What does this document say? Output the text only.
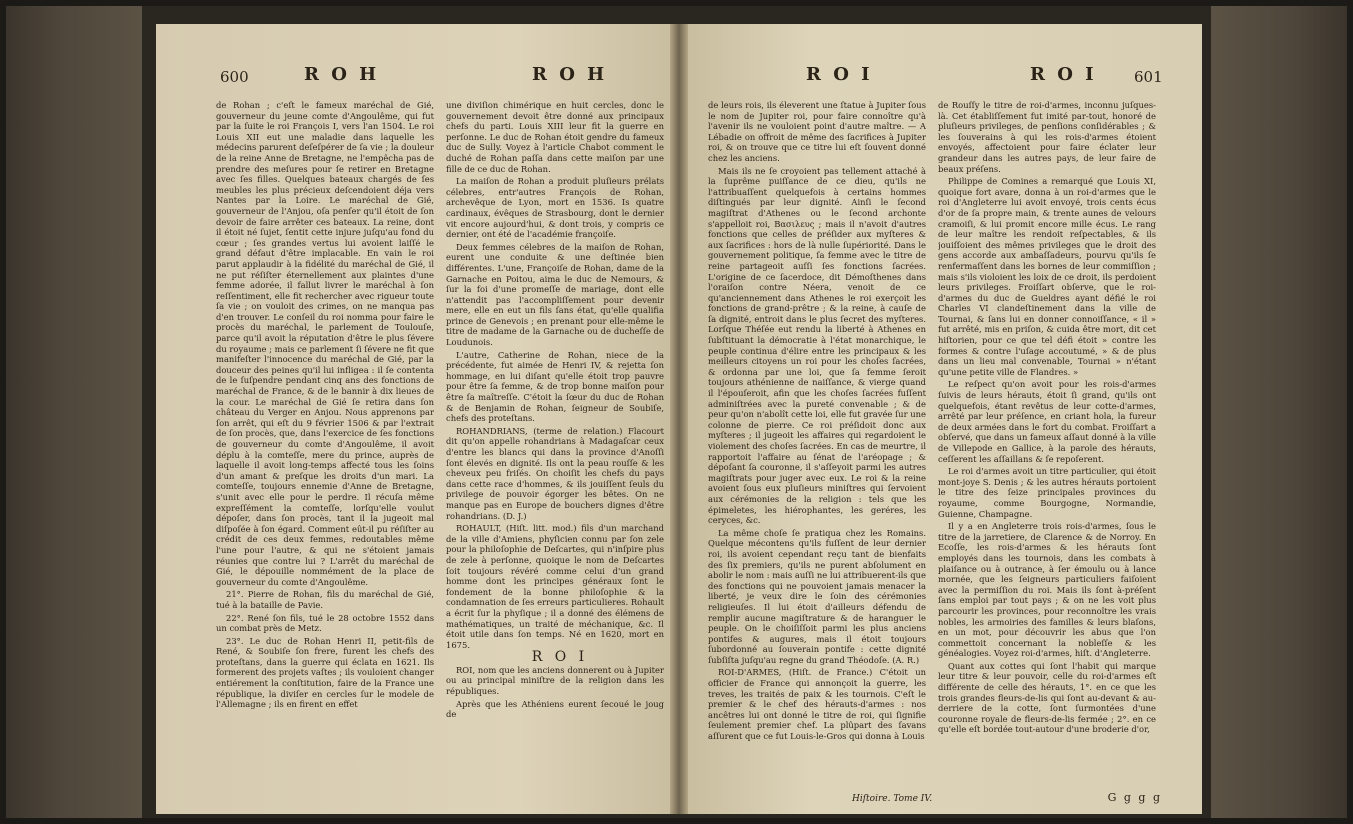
600	R O H	R O H

de Rohan ; c'eſt le fameux maréchal de Gié, gouverneur du jeune comte d'Angoulême, qui fut par la ſuite le roi François I, vers l'an 1504. Le roi Louis XII eut une maladie dans laquelle les médecins parurent deſeſpérer de ſa vie ; la douleur de la reine Anne de Bretagne, ne l'empêcha pas de prendre des meſures pour ſe retirer en Bretagne avec ſes filles. Quelques bateaux chargés de ſes meubles les plus précieux deſcendoient déja vers Nantes par la Loire. Le maréchal de Gié, gouverneur de l'Anjou, oſa penſer qu'il étoit de ſon devoir de faire arrêter ces bateaux. La reine, dont il étoit né ſujet, ſentit cette injure juſqu'au fond du cœur ; ſes grandes vertus lui avoient laiſſé le grand défaut d'être implacable. En vain le roi parut applaudir à la fidélité du maréchal de Gié, il ne put réſiſter éternellement aux plaintes d'une femme adorée, il fallut livrer le maréchal à ſon reſſentiment, elle fit rechercher avec rigueur toute ſa vie ; on vouloit des crimes, on ne manqua pas d'en trouver. Le conſeil du roi nomma pour faire le procès du maréchal, le parlement de Toulouſe, parce qu'il avoit la réputation d'être le plus ſévere du royaume ; mais ce parlement ſi ſévere ne fit que manifeſter l'innocence du maréchal de Gié, par la douceur des peines qu'il lui infligea : il ſe contenta de le ſuſpendre pendant cinq ans des fonctions de maréchal de France, & de le bannir à dix lieues de la cour. Le maréchal de Gié ſe retira dans ſon château du Verger en Anjou. Nous apprenons par ſon arrêt, qui eſt du 9 février 1506 & par l'extrait de ſon procès, que, dans l'exercice de ſes fonctions de gouverneur du comte d'Angoulême, il avoit déplu à la comteſſe, mere du prince, auprès de laquelle il avoit long-temps affecté tous les ſoins d'un amant & preſque les droits d'un mari. La comteſſe, toujours ennemie d'Anne de Bretagne, s'unit avec elle pour le perdre. Il récuſa même expreſſément la comteſſe, lorſqu'elle voulut dépoſer, dans ſon procès, tant il la jugeoit mal diſpoſée à ſon égard. Comment eût-il pu réſiſter au crédit de ces deux femmes, redoutables même l'une pour l'autre, & qui ne s'étoient jamais réunies que contre lui ? L'arrêt du maréchal de Gié, le dépouille nommément de la place de gouverneur du comte d'Angoulême.

21°. Pierre de Rohan, fils du maréchal de Gié, tué à la bataille de Pavie.

22°. René ſon fils, tué le 28 octobre 1552 dans un combat près de Metz.

23°. Le duc de Rohan Henri II, petit-fils de René, & Soubiſe ſon frere, furent les chefs des proteſtans, dans la guerre qui éclata en 1621. Ils formerent des projets vaſtes ; ils vouloient changer entiérement la conſtitution, faire de la France une république, la diviſer en cercles ſur le modele de l'Allemagne ; ils en firent en effet

une diviſion chimérique en huit cercles, donc le gouvernement devoit être donné aux principaux chefs du parti. Louis XIII leur fit la guerre en perſonne. Le duc de Rohan étoit gendre du fameux duc de Sully. Voyez à l'article Chabot comment le duché de Rohan paſſa dans cette maiſon par une fille de ce duc de Rohan.

La maiſon de Rohan a produit pluſieurs prélats célebres, entr'autres François de Rohan, archevêque de Lyon, mort en 1536. Is quatre cardinaux, évêques de Strasbourg, dont le dernier vit encore aujourd'hui, & dont trois, y compris ce dernier, ont été de l'académie françoiſe.

Deux femmes célebres de la maiſon de Rohan, eurent une conduite & une deſtinée bien différentes. L'une, Françoiſe de Rohan, dame de la Garnache en Poitou, aima le duc de Nemours, & ſur la foi d'une promeſſe de mariage, dont elle n'attendit pas l'accompliſſement pour devenir mere, elle en eut un fils ſans état, qu'elle qualifia prince de Genevois ; en prenant pour elle-même le titre de madame de la Garnache ou de ducheſſe de Loudunois.

L'autre, Catherine de Rohan, niece de la précédente, fut aimée de Henri IV, & rejetta ſon hommage, en lui diſant qu'elle étoit trop pauvre pour être ſa femme, & de trop bonne maiſon pour être ſa maîtreſſe. C'étoit la ſœur du duc de Rohan & de Benjamin de Rohan, ſeigneur de Soubiſe, chefs des proteſtans.

ROHANDRIANS, (terme de relation.) Flacourt dit qu'on appelle rohandrians à Madagaſcar ceux d'entre les blancs qui dans la province d'Anoſſi ſont élevés en dignité. Ils ont la peau rouſſe & les cheveux peu friſés. On choiſit les chefs du pays dans cette race d'hommes, & ils jouiſſent ſeuls du privilege de pouvoir égorger les bêtes. On ne manque pas en Europe de bouchers dignes d'être rohandrians. (D. J.)

ROHAULT, (Hiſt. litt. mod.) fils d'un marchand de la ville d'Amiens, phyſicien connu par ſon zele pour la philoſophie de Deſcartes, qui n'inſpire plus de zele à perſonne, quoique le nom de Deſcartes ſoit toujours révéré comme celui d'un grand homme dont les principes généraux ſont le fondement de la bonne philoſophie & la condamnation de ſes erreurs particulieres. Rohault a écrit ſur la phyſique ; il a donné des élémens de mathématiques, un traité de méchanique, &c. Il étoit utile dans ſon temps. Né en 1620, mort en 1675.

R O I

ROI, nom que les anciens donnerent ou à Jupiter ou au principal miniſtre de la religion dans les républiques.

Après que les Athéniens eurent ſecoué le joug de

R O I	R O I 601

de leurs rois, ils éleverent une ſtatue à Jupiter ſous le nom de Jupiter roi, pour faire connoître qu'à l'avenir ils ne vouloient point d'autre maître. — A Lébadie on offroit de même des ſacrifices à Jupiter roi, & on trouve que ce titre lui eſt ſouvent donné chez les anciens.

Mais ils ne ſe croyoient pas tellement attaché à la ſuprême puiſſance de ce dieu, qu'ils ne l'attribuaſſent quelquefois à certains hommes diſtingués par leur dignité. Ainſi le ſecond magiſtrat d'Athenes ou le ſecond archonte s'appelloit roi, Βασιλευς ; mais il n'avoit d'autres fonctions que celles de préſider aux myſteres & aux ſacrifices : hors de là nulle ſupériorité. Dans le gouvernement politique, ſa femme avec le titre de reine partageoit auſſi ſes fonctions ſacrées. L'origine de ce ſacerdoce, dit Démoſthenes dans l'oraiſon contre Néera, venoit de ce qu'anciennement dans Athenes le roi exerçoit les fonctions de grand-prêtre ; & la reine, à cauſe de ſa dignité, entroit dans le plus ſecret des myſteres. Lorſque Théſée eut rendu la liberté à Athenes en ſubſtituant la démocratie à l'état monarchique, le peuple continua d'élire entre les principaux & les meilleurs citoyens un roi pour les choſes ſacrées, & ordonna par une loi, que ſa femme ſeroit toujours athénienne de naiſſance, & vierge quand il l'épouſeroit, afin que les choſes ſacrées fuſſent adminiſtrées avec la pureté convenable ; & de peur qu'on n'abolît cette loi, elle fut gravée ſur une colonne de pierre. Ce roi préſidoit donc aux myſteres ; il jugeoit les affaires qui regardoient le violement des choſes ſacrées. En cas de meurtre, il rapportoit l'affaire au ſénat de l'aréopage ; & dépoſant ſa couronne, il s'aſſeyoit parmi les autres magiſtrats pour juger avec eux. Le roi & la reine avoient ſous eux pluſieurs miniſtres qui ſervoient aux cérémonies de la religion : tels que les épimeletes, les hiérophantes, les geréres, les ceryces, &c.

La même choſe ſe pratiqua chez les Romains. Quelque mécontens qu'ils fuſſent de leur dernier roi, ils avoient cependant reçu tant de bienfaits des ſix premiers, qu'ils ne purent abſolument en abolir le nom : mais auſſi ne lui attribuerent-ils que des fonctions qui ne pouvoient jamais menacer la liberté, je veux dire le ſoin des cérémonies religieuſes. Il lui étoit d'ailleurs défendu de remplir aucune magiſtrature & de haranguer le peuple. On le choiſiſſoit parmi les plus anciens pontifes & augures, mais il étoit toujours ſubordonné au ſouverain pontife : cette dignité ſubſiſta juſqu'au regne du grand Théodoſe. (A. R.)

ROI-D'ARMES, (Hiſt. de France.) C'étoit un officier de France qui annonçoit la guerre, les treves, les traités de paix & les tournois. C'eſt le premier & le chef des hérauts-d'armes : nos ancêtres lui ont donné le titre de roi, qui ſignifie ſeulement premier chef. La plûpart des ſavans aſſurent que ce fut Louis-le-Gros qui donna à Louis

de Rouſſy le titre de roi-d'armes, inconnu juſques-là. Cet établiſſement fut imité par-tout, honoré de pluſieurs privileges, de penſions conſidérables ; & les ſouverains à qui les rois-d'armes étoient envoyés, affectoient pour faire éclater leur grandeur dans les autres pays, de leur faire de beaux préſens.

Philippe de Comines a remarqué que Louis XI, quoique fort avare, donna à un roi-d'armes que le roi d'Angleterre lui avoit envoyé, trois cents écus d'or de ſa propre main, & trente aunes de velours cramoiſi, & lui promit encore mille écus. Le rang de leur maître les rendoit reſpectables, & ils jouiſſoient des mêmes privileges que le droit des gens accorde aux ambaſſadeurs, pourvu qu'ils ſe renfermaſſent dans les bornes de leur commiſſion ; mais s'ils violoient les loix de ce droit, ils perdoient leurs privileges. Froiſſart obſerve, que le roi-d'armes du duc de Gueldres ayant défié le roi Charles VI clandeſtinement dans la ville de Tournai, & ſans lui en donner connoiſſance, « il » fut arrêté, mis en priſon, & cuida être mort, dit cet hiſtorien, pour ce que tel défi étoit » contre les formes & contre l'uſage accoutumé, » & de plus dans un lieu mal convenable, Tournai » n'étant qu'une petite ville de Flandres. »

Le reſpect qu'on avoit pour les rois-d'armes ſuivis de leurs hérauts, étoit ſi grand, qu'ils ont quelquefois, étant revêtus de leur cotte-d'armes, arrêté par leur préſence, en criant hola, la fureur de deux armées dans le fort du combat. Froiſſart a obſervé, que dans un fameux aſſaut donné à la ville de Villepode en Gallice, à la parole des hérauts, ceſſerent les aſſaillans & ſe repoſerent.

Le roi d'armes avoit un titre particulier, qui étoit mont-joye S. Denis ; & les autres hérauts portoient le titre des ſeize principales provinces du royaume, comme Bourgogne, Normandie, Guienne, Champagne.

Il y a en Angleterre trois rois-d'armes, ſous le titre de la jarretiere, de Clarence & de Norroy. En Ecoſſe, les rois-d'armes & les hérauts ſont employés dans les tournois, dans les combats à plaiſance ou à outrance, à ſer émoulu ou à lance mornée, que les ſeigneurs particuliers faiſoient avec la permiſſion du roi. Mais ils ſont à-préſent ſans emploi par tout pays ; & on ne les voit plus parcourir les provinces, pour reconnoître les vrais nobles, les armoiries des familles & leurs blaſons, en un mot, pour découvrir les abus que l'on commettoit concernant la nobleſſe & les généalogies. Voyez roi-d'armes, hiſt. d'Angleterre.

Quant aux cottes qui ſont l'habit qui marque leur titre & leur pouvoir, celle du roi-d'armes eſt différente de celle des hérauts, 1°. en ce que les trois grandes fleurs-de-lis qui ſont au-devant & au-derriere de la cotte, ſont ſurmontées d'une couronne royale de fleurs-de-lis fermée ; 2°. en ce qu'elle eſt bordée tout-autour d'une broderie d'or,

Hiſtoire. Tome IV.	G g g g
